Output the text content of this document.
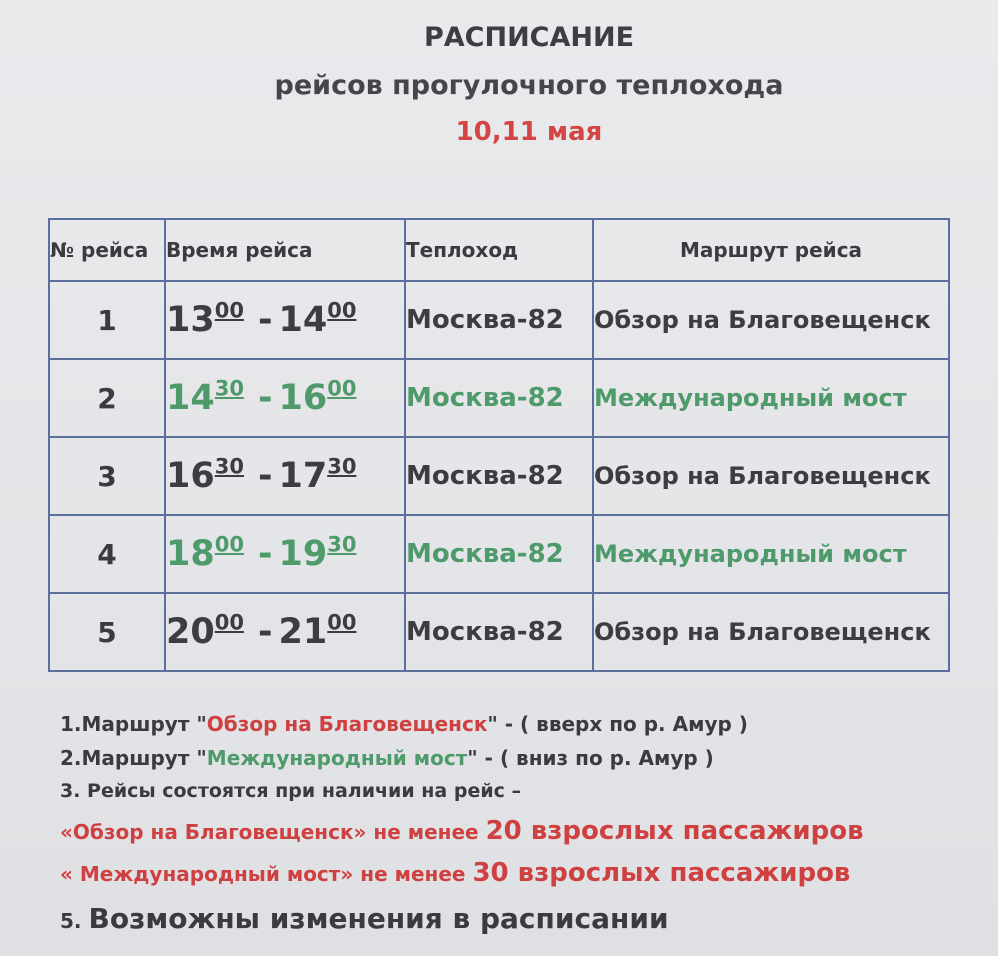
РАСПИСАНИЕ
рейсов прогулочного теплохода
10,11 мая
№ рейса	Время рейса	Теплоход	Маршрут рейса
1	$13^{00} - 14^{00}$	Москва-82	Обзор на Благовещенск
2	$14^{30} - 16^{00}$	Москва-82	Международный мост
3	$16^{30} - 17^{30}$	Москва-82	Обзор на Благовещенск
4	$18^{00} - 19^{30}$	Москва-82	Международный мост
5	$20^{00} - 21^{00}$	Москва-82	Обзор на Благовещенск
1.Маршрут "Обзор на Благовещенск" - ( вверх по р. Амур )
2.Маршрут "Международный мост" - ( вниз по р. Амур )
3. Рейсы состоятся при наличии на рейс –
«Обзор на Благовещенск» не менее 20 взрослых пассажиров
« Международный мост» не менее 30 взрослых пассажиров
5. Возможны изменения в расписании
